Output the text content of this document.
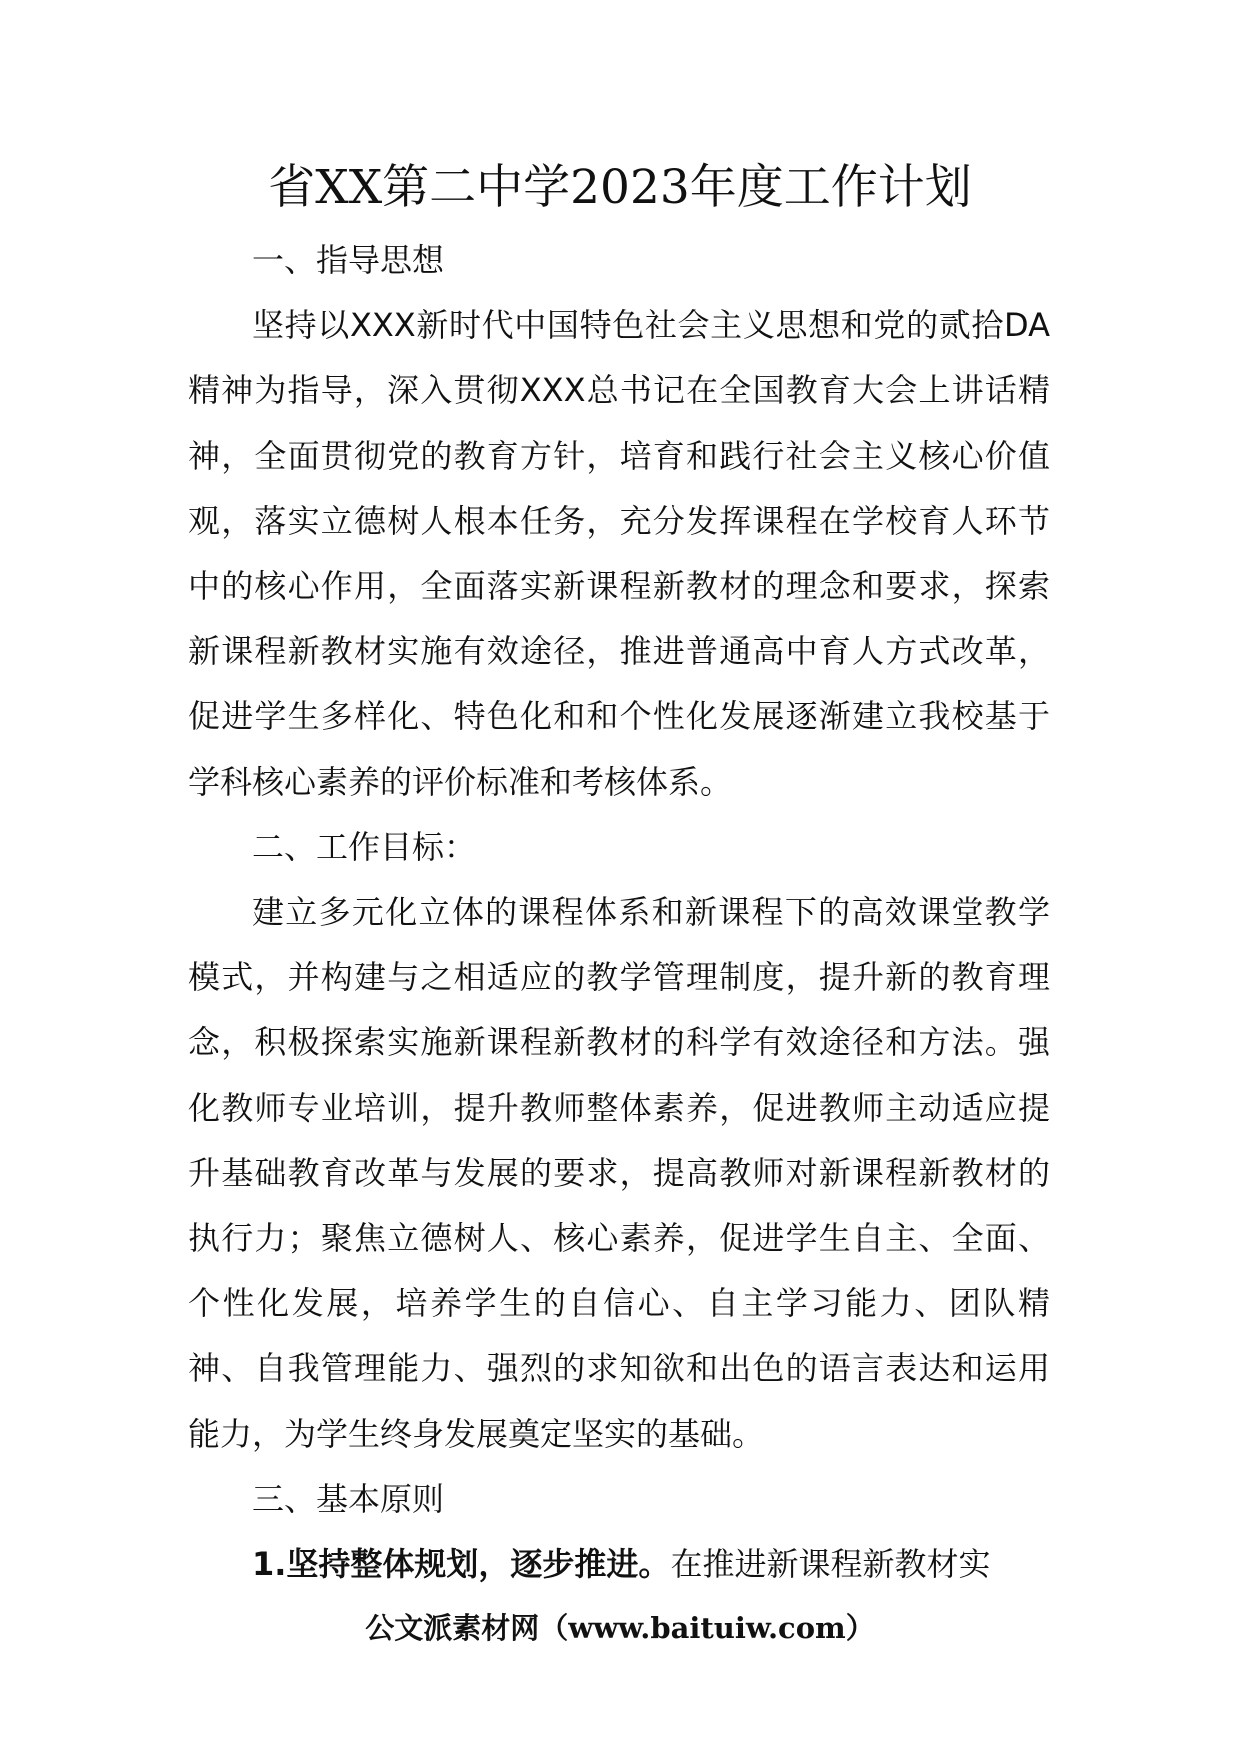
省XX第二中学2023年度工作计划

一、指导思想

坚持以XXX新时代中国特色社会主义思想和党的贰拾DA精神为指导，深入贯彻XXX总书记在全国教育大会上讲话精神，全面贯彻党的教育方针，培育和践行社会主义核心价值观，落实立德树人根本任务，充分发挥课程在学校育人环节中的核心作用，全面落实新课程新教材的理念和要求，探索新课程新教材实施有效途径，推进普通高中育人方式改革，促进学生多样化、特色化和和个性化发展逐渐建立我校基于学科核心素养的评价标准和考核体系。

二、工作目标：

建立多元化立体的课程体系和新课程下的高效课堂教学模式，并构建与之相适应的教学管理制度，提升新的教育理念，积极探索实施新课程新教材的科学有效途径和方法。强化教师专业培训，提升教师整体素养，促进教师主动适应提升基础教育改革与发展的要求，提高教师对新课程新教材的执行力；聚焦立德树人、核心素养，促进学生自主、全面、个性化发展，培养学生的自信心、自主学习能力、团队精神、自我管理能力、强烈的求知欲和出色的语言表达和运用能力，为学生终身发展奠定坚实的基础。

三、基本原则

1.坚持整体规划，逐步推进。在推进新课程新教材实

公文派素材网（www.baituiw.com）
